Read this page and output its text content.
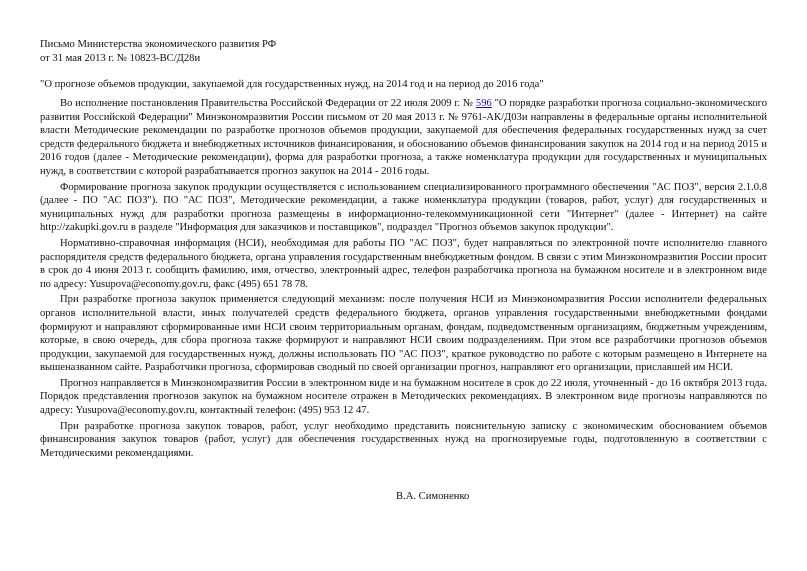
Письмо Министерства экономического развития РФ
от 31 мая 2013 г. № 10823-ВС/Д28и
"О прогнозе объемов продукции, закупаемой для государственных нужд, на 2014 год и на период до 2016 года"

Во исполнение постановления Правительства Российской Федерации от 22 июля 2009 г. № 596 "О порядке разработки прогноза социально-экономического развития Российской Федерации" Минэкономразвития России письмом от 20 мая 2013 г. № 9761-АК/Д03и направлены в федеральные органы исполнительной власти Методические рекомендации по разработке прогнозов объемов продукции, закупаемой для обеспечения федеральных государственных нужд за счет средств федерального бюджета и внебюджетных источников финансирования, и обоснованию объемов финансирования закупок на 2014 год и на период 2015 и 2016 годов (далее - Методические рекомендации), форма для разработки прогноза, а также номенклатура продукции для государственных и муниципальных нужд, в соответствии с которой разрабатывается прогноз закупок на 2014 - 2016 годы.

Формирование прогноза закупок продукции осуществляется с использованием специализированного программного обеспечения "АС ПОЗ", версия 2.1.0.8 (далее - ПО "АС ПОЗ"). ПО "АС ПОЗ", Методические рекомендации, а также номенклатура продукции (товаров, работ, услуг) для государственных и муниципальных нужд для разработки прогноза размещены в информационно-телекоммуникационной сети "Интернет" (далее - Интернет) на сайте http://zakupki.gov.ru в разделе "Информация для заказчиков и поставщиков", подраздел "Прогноз объемов закупок продукции".

Нормативно-справочная информация (НСИ), необходимая для работы ПО "АС ПОЗ", будет направляться по электронной почте исполнителю главного распорядителя средств федерального бюджета, органа управления государственным внебюджетным фондом. В связи с этим Минэкономразвития России просит в срок до 4 июня 2013 г. сообщить фамилию, имя, отчество, электронный адрес, телефон разработчика прогноза на бумажном носителе и в электронном виде по адресу: Yusupova@economy.gov.ru, факс (495) 651 78 78.

При разработке прогноза закупок применяется следующий механизм: после получения НСИ из Минэкономразвития России исполнители федеральных органов исполнительной власти, иных получателей средств федерального бюджета, органов управления государственными внебюджетными фондами формируют и направляют сформированные ими НСИ своим территориальным органам, фондам, подведомственным организациям, бюджетным учреждениям, которые, в свою очередь, для сбора прогноза также формируют и направляют НСИ своим подразделениям. При этом все разработчики прогнозов объемов продукции, закупаемой для государственных нужд, должны использовать ПО "АС ПОЗ", краткое руководство по работе с которым размещено в Интернете на вышеназванном сайте. Разработчики прогноза, сформировав сводный по своей организации прогноз, направляют его организации, приславшей им НСИ.

Прогноз направляется в Минэкономразвития России в электронном виде и на бумажном носителе в срок до 22 июля, уточненный - до 16 октября 2013 года. Порядок представления прогнозов закупок на бумажном носителе отражен в Методических рекомендациях. В электронном виде прогнозы направляются по адресу: Yusupova@economy.gov.ru, контактный телефон: (495) 953 12 47.

При разработке прогноза закупок товаров, работ, услуг необходимо представить пояснительную записку с экономическим обоснованием объемов финансирования закупок товаров (работ, услуг) для обеспечения государственных нужд на прогнозируемые годы, подготовленную в соответствии с Методическими рекомендациями.

В.А. Симоненко
